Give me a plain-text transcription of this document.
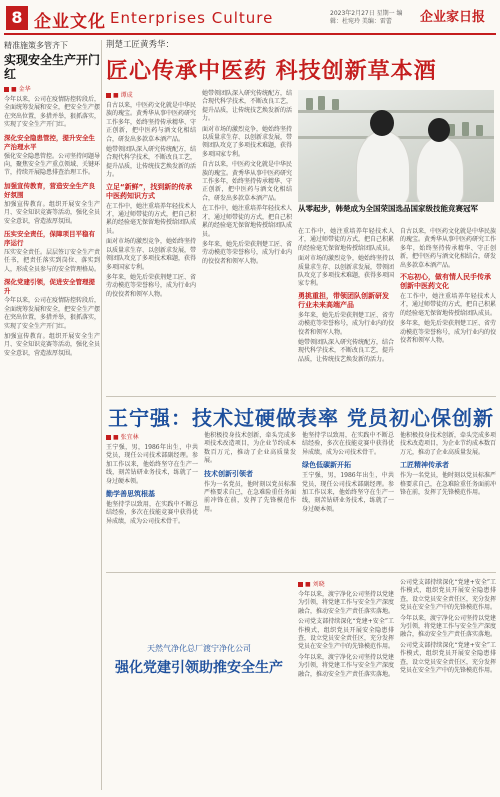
8 企业文化 Enterprises Culture	2023年2月27日 星期一 编辑：杜宛玲 美编：雷蕾	企业家日报
精准施策多管齐下
实现安全生产开门红
■ 金华

今年以来，公司在疫情防控转段后，全面统筹发展和安全，把安全生产摆在突出位置，多措并举，狠抓落实，实现了安全生产开门红。

深化安全隐患管控，提升安全生产治理水平

强化安全隐患管控。公司坚持问题导向，聚焦安全生产重点领域、关键环节，持续开展隐患排查治理工作。

加强宣传教育，营造安全生产良好氛围

加强宣传教育。组织开展安全生产月、安全知识竞赛等活动，强化全员安全意识，营造浓厚氛围。

压实安全责任，保障项目平稳有序运行

压实安全责任。层层签订安全生产责任书，把责任落实到岗位、落实到人，形成全员参与的安全管理格局。

深化党建引领，促进安全管理提升

今年以来，公司在疫情防控转段后，全面统筹发展和安全，把安全生产摆在突出位置，多措并举，狠抓落实，实现了安全生产开门红。

加强宣传教育。组织开展安全生产月、安全知识竞赛等活动，强化全员安全意识，营造浓厚氛围。

荆楚工匠黄秀华：
匠心传承中医药 科技创新草本酒
■ 谭成

自古以来，中医药文化就是中华民族的瑰宝。黄秀华从事中医药研究工作多年，始终坚持传承精华、守正创新，把中医药与酒文化相结合，研发出多款草本酒产品。

她带领团队深入研究传统配方，结合现代科学技术，不断改良工艺，提升品质，让传统技艺焕发新的活力。

立足“新鲜”，找到新的传承中医药知识方式

在工作中，她注重培养年轻技术人才，通过师带徒的方式，把自己积累的经验毫无保留地传授给团队成员。

面对市场的激烈竞争，她始终坚持以质量求生存、以创新求发展，带领团队攻克了多项技术难题，获得多项国家专利。

多年来，她先后荣获荆楚工匠、省劳动模范等荣誉称号，成为行业内的佼佼者和领军人物。

她带领团队深入研究传统配方，结合现代科学技术，不断改良工艺，提升品质，让传统技艺焕发新的活力。

面对市场的激烈竞争，她始终坚持以质量求生存、以创新求发展，带领团队攻克了多项技术难题，获得多项国家专利。

自古以来，中医药文化就是中华民族的瑰宝。黄秀华从事中医药研究工作多年，始终坚持传承精华、守正创新，把中医药与酒文化相结合，研发出多款草本酒产品。

在工作中，她注重培养年轻技术人才，通过师带徒的方式，把自己积累的经验毫无保留地传授给团队成员。

多年来，她先后荣获荆楚工匠、省劳动模范等荣誉称号，成为行业内的佼佼者和领军人物。

从零起步，韩楚成为全国荣国选品国家级技能竞赛冠军

在工作中，她注重培养年轻技术人才，通过师带徒的方式，把自己积累的经验毫无保留地传授给团队成员。

面对市场的激烈竞争，她始终坚持以质量求生存、以创新求发展，带领团队攻克了多项技术难题，获得多项国家专利。

勇挑重担，带领团队创新研发行业未来高端产品

多年来，她先后荣获荆楚工匠、省劳动模范等荣誉称号，成为行业内的佼佼者和领军人物。

她带领团队深入研究传统配方，结合现代科学技术，不断改良工艺，提升品质，让传统技艺焕发新的活力。

自古以来，中医药文化就是中华民族的瑰宝。黄秀华从事中医药研究工作多年，始终坚持传承精华、守正创新，把中医药与酒文化相结合，研发出多款草本酒产品。

不忘初心，做有情人民手传承创新中医药文化

在工作中，她注重培养年轻技术人才，通过师带徒的方式，把自己积累的经验毫无保留地传授给团队成员。

多年来，她先后荣获荆楚工匠、省劳动模范等荣誉称号，成为行业内的佼佼者和领军人物。

王宁强：技术过硬做表率 党员初心保创新
■ 张宜林

王宁强，男，1986年出生，中共党员，现任公司技术部副经理。参加工作以来，他始终坚守在生产一线，刻苦钻研业务技术，练就了一身过硬本领。

勤学善思筑根基

他坚持学以致用，在实践中不断总结经验，多次在技能竞赛中获得优异成绩，成为公司技术骨干。

他积极投身技术创新，牵头完成多项技术改造项目，为企业节约成本数百万元，推动了企业高质量发展。

技术创新引领者

作为一名党员，他时刻以党员标准严格要求自己，在急难险重任务面前冲锋在前，发挥了先锋模范作用。

他坚持学以致用，在实践中不断总结经验，多次在技能竞赛中获得优异成绩，成为公司技术骨干。

绿色低碳新开拓

王宁强，男，1986年出生，中共党员，现任公司技术部副经理。参加工作以来，他始终坚守在生产一线，刻苦钻研业务技术，练就了一身过硬本领。

他积极投身技术创新，牵头完成多项技术改造项目，为企业节约成本数百万元，推动了企业高质量发展。

工匠精神传承者

作为一名党员，他时刻以党员标准严格要求自己，在急难险重任务面前冲锋在前，发挥了先锋模范作用。

天然气净化总厂渡宁净化公司
强化党建引领助推安全生产
■ 刘晓

今年以来，渡宁净化公司坚持以党建为引领，将党建工作与安全生产深度融合，推动安全生产责任落实落地。

公司党支部持续深化“党建+安全”工作模式，组织党员开展安全隐患排查，设立党员安全责任区，充分发挥党员在安全生产中的先锋模范作用。

今年以来，渡宁净化公司坚持以党建为引领，将党建工作与安全生产深度融合，推动安全生产责任落实落地。

公司党支部持续深化“党建+安全”工作模式，组织党员开展安全隐患排查，设立党员安全责任区，充分发挥党员在安全生产中的先锋模范作用。

今年以来，渡宁净化公司坚持以党建为引领，将党建工作与安全生产深度融合，推动安全生产责任落实落地。

公司党支部持续深化“党建+安全”工作模式，组织党员开展安全隐患排查，设立党员安全责任区，充分发挥党员在安全生产中的先锋模范作用。
